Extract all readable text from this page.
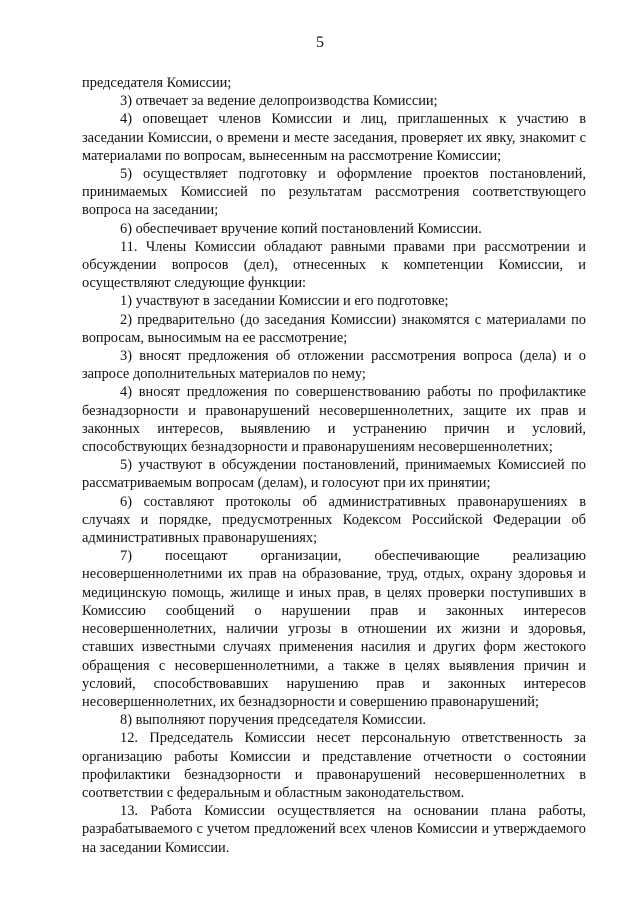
5

председателя Комиссии;

3) отвечает за ведение делопроизводства Комиссии;

4) оповещает членов Комиссии и лиц, приглашенных к участию в заседании Комиссии, о времени и месте заседания, проверяет их явку, знакомит с материалами по вопросам, вынесенным на рассмотрение Комиссии;

5) осуществляет подготовку и оформление проектов постановлений, принимаемых Комиссией по результатам рассмотрения соответствующего вопроса на заседании;

6) обеспечивает вручение копий постановлений Комиссии.

11. Члены Комиссии обладают равными правами при рассмотрении и обсуждении вопросов (дел), отнесенных к компетенции Комиссии, и осуществляют следующие функции:

1) участвуют в заседании Комиссии и его подготовке;

2) предварительно (до заседания Комиссии) знакомятся с материалами по вопросам, выносимым на ее рассмотрение;

3) вносят предложения об отложении рассмотрения вопроса (дела) и о запросе дополнительных материалов по нему;

4) вносят предложения по совершенствованию работы по профилактике безнадзорности и правонарушений несовершеннолетних, защите их прав и законных интересов, выявлению и устранению причин и условий, способствующих безнадзорности и правонарушениям несовершеннолетних;

5) участвуют в обсуждении постановлений, принимаемых Комиссией по рассматриваемым вопросам (делам), и голосуют при их принятии;

6) составляют протоколы об административных правонарушениях в случаях и порядке, предусмотренных Кодексом Российской Федерации об административных правонарушениях;

7) посещают организации, обеспечивающие реализацию несовершеннолетними их прав на образование, труд, отдых, охрану здоровья и медицинскую помощь, жилище и иных прав, в целях проверки поступивших в Комиссию сообщений о нарушении прав и законных интересов несовершеннолетних, наличии угрозы в отношении их жизни и здоровья, ставших известными случаях применения насилия и других форм жестокого обращения с несовершеннолетними, а также в целях выявления причин и условий, способствовавших нарушению прав и законных интересов несовершеннолетних, их безнадзорности и совершению правонарушений;

8) выполняют поручения председателя Комиссии.

12. Председатель Комиссии несет персональную ответственность за организацию работы Комиссии и представление отчетности о состоянии профилактики безнадзорности и правонарушений несовершеннолетних в соответствии с федеральным и областным законодательством.

13. Работа Комиссии осуществляется на основании плана работы, разрабатываемого с учетом предложений всех членов Комиссии и утверждаемого на заседании Комиссии.
